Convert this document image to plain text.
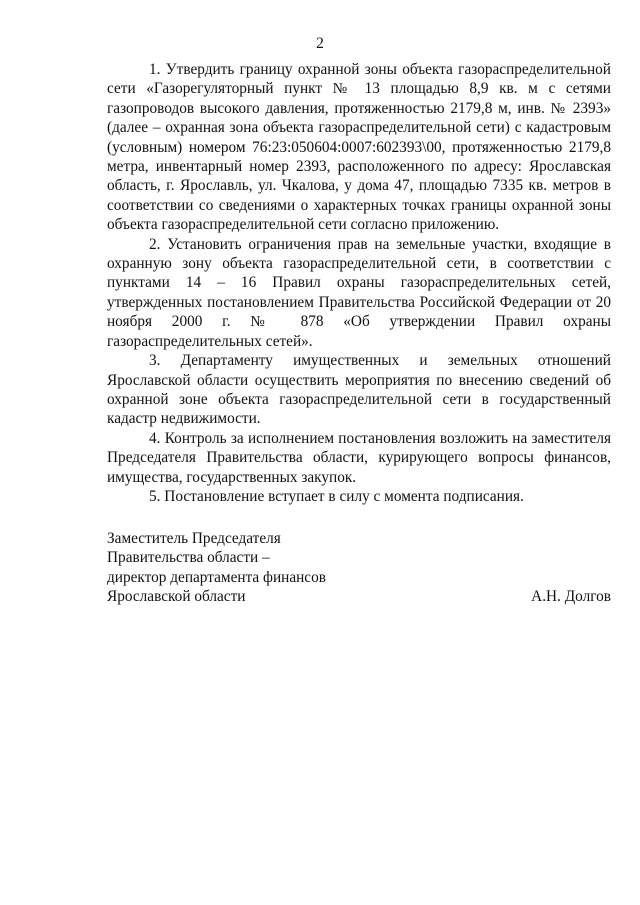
2

1. Утвердить границу охранной зоны объекта газораспределительной сети «Газорегуляторный пункт № 13 площадью 8,9 кв. м с сетями газопроводов высокого давления, протяженностью 2179,8 м, инв. № 2393» (далее – охранная зона объекта газораспределительной сети) с кадастровым (условным) номером 76:23:050604:0007:602393\00, протяженностью 2179,8 метра, инвентарный номер 2393, расположенного по адресу: Ярославская область, г. Ярославль, ул. Чкалова, у дома 47, площадью 7335 кв. метров в соответствии со сведениями о характерных точках границы охранной зоны объекта газораспределительной сети согласно приложению.

2. Установить ограничения прав на земельные участки, входящие в охранную зону объекта газораспределительной сети, в соответствии с пунктами 14 – 16 Правил охраны газораспределительных сетей, утвержденных постановлением Правительства Российской Федерации от 20 ноября 2000 г. № 878 «Об утверждении Правил охраны газораспределительных сетей».

3. Департаменту имущественных и земельных отношений Ярославской области осуществить мероприятия по внесению сведений об охранной зоне объекта газораспределительной сети в государственный кадастр недвижимости.

4. Контроль за исполнением постановления возложить на заместителя Председателя Правительства области, курирующего вопросы финансов, имущества, государственных закупок.

5. Постановление вступает в силу с момента подписания.

Заместитель Председателя
Правительства области –
директор департамента финансов
Ярославской области	А.Н. Долгов
